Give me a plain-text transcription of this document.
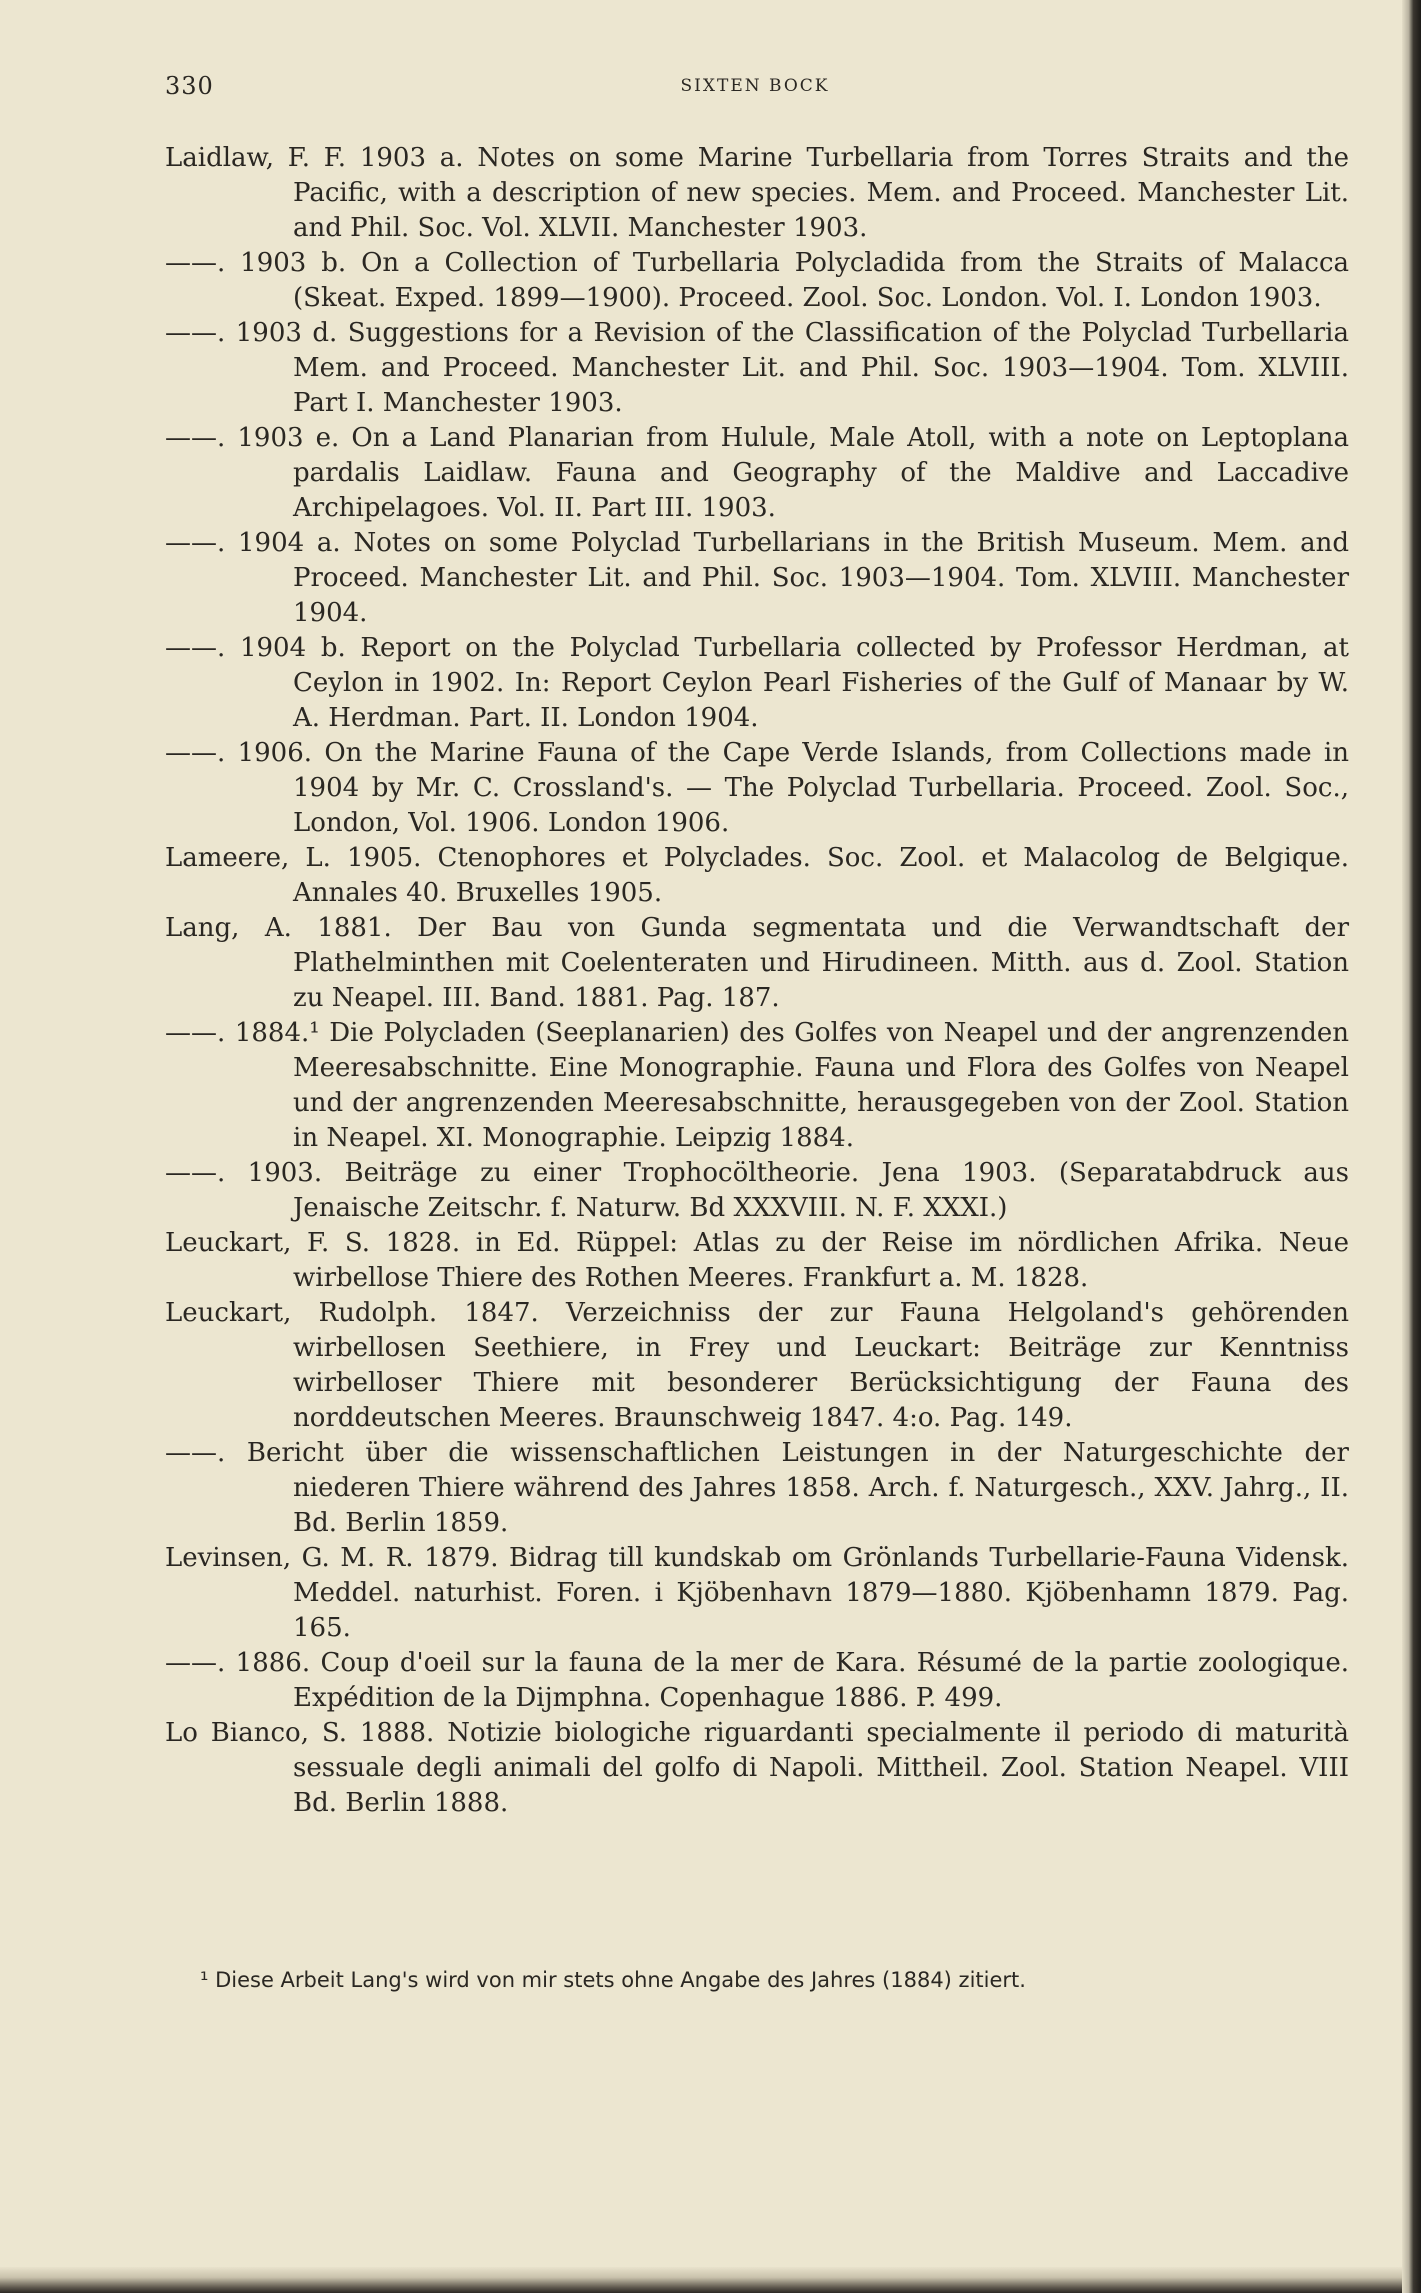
330	SIXTEN BOCK

Laidlaw, F. F. 1903 a. Notes on some Marine Turbellaria from Torres Straits and the Pacific, with a description of new species. Mem. and Proceed. Manchester Lit. and Phil. Soc. Vol. XLVII. Manchester 1903.

——. 1903 b. On a Collection of Turbellaria Polycladida from the Straits of Malacca (Skeat. Exped. 1899—1900). Proceed. Zool. Soc. London. Vol. I. London 1903.

——. 1903 d. Suggestions for a Revision of the Classification of the Polyclad Turbellaria Mem. and Proceed. Manchester Lit. and Phil. Soc. 1903—1904. Tom. XLVIII. Part I. Manchester 1903.

——. 1903 e. On a Land Planarian from Hulule, Male Atoll, with a note on Leptoplana pardalis Laidlaw. Fauna and Geography of the Maldive and Laccadive Archipelagoes. Vol. II. Part III. 1903.

——. 1904 a. Notes on some Polyclad Turbellarians in the British Museum. Mem. and Proceed. Manchester Lit. and Phil. Soc. 1903—1904. Tom. XLVIII. Manchester 1904.

——. 1904 b. Report on the Polyclad Turbellaria collected by Professor Herdman, at Ceylon in 1902. In: Report Ceylon Pearl Fisheries of the Gulf of Manaar by W. A. Herdman. Part. II. London 1904.

——. 1906. On the Marine Fauna of the Cape Verde Islands, from Collections made in 1904 by Mr. C. Crossland's. — The Polyclad Turbellaria. Proceed. Zool. Soc., London, Vol. 1906. London 1906.

Lameere, L. 1905. Ctenophores et Polyclades. Soc. Zool. et Malacolog de Belgique. Annales 40. Bruxelles 1905.

Lang, A. 1881. Der Bau von Gunda segmentata und die Verwandtschaft der Plathelminthen mit Coelenteraten und Hirudineen. Mitth. aus d. Zool. Station zu Neapel. III. Band. 1881. Pag. 187.

——. 1884.¹ Die Polycladen (Seeplanarien) des Golfes von Neapel und der angrenzenden Meeresabschnitte. Eine Monographie. Fauna und Flora des Golfes von Neapel und der angrenzenden Meeresabschnitte, herausgegeben von der Zool. Station in Neapel. XI. Monographie. Leipzig 1884.

——. 1903. Beiträge zu einer Trophocöltheorie. Jena 1903. (Separatabdruck aus Jenaische Zeitschr. f. Naturw. Bd XXXVIII. N. F. XXXI.)

Leuckart, F. S. 1828. in Ed. Rüppel: Atlas zu der Reise im nördlichen Afrika. Neue wirbellose Thiere des Rothen Meeres. Frankfurt a. M. 1828.

Leuckart, Rudolph. 1847. Verzeichniss der zur Fauna Helgoland's gehörenden wirbellosen Seethiere, in Frey und Leuckart: Beiträge zur Kenntniss wirbelloser Thiere mit besonderer Berücksichtigung der Fauna des norddeutschen Meeres. Braunschweig 1847. 4:o. Pag. 149.

——. Bericht über die wissenschaftlichen Leistungen in der Naturgeschichte der niederen Thiere während des Jahres 1858. Arch. f. Naturgesch., XXV. Jahrg., II. Bd. Berlin 1859.

Levinsen, G. M. R. 1879. Bidrag till kundskab om Grönlands Turbellarie-Fauna Vidensk. Meddel. naturhist. Foren. i Kjöbenhavn 1879—1880. Kjöbenhamn 1879. Pag. 165.

——. 1886. Coup d'oeil sur la fauna de la mer de Kara. Résumé de la partie zoologique. Expédition de la Dijmphna. Copenhague 1886. P. 499.

Lo Bianco, S. 1888. Notizie biologiche riguardanti specialmente il periodo di maturità sessuale degli animali del golfo di Napoli. Mittheil. Zool. Station Neapel. VIII Bd. Berlin 1888.

¹ Diese Arbeit Lang's wird von mir stets ohne Angabe des Jahres (1884) zitiert.
